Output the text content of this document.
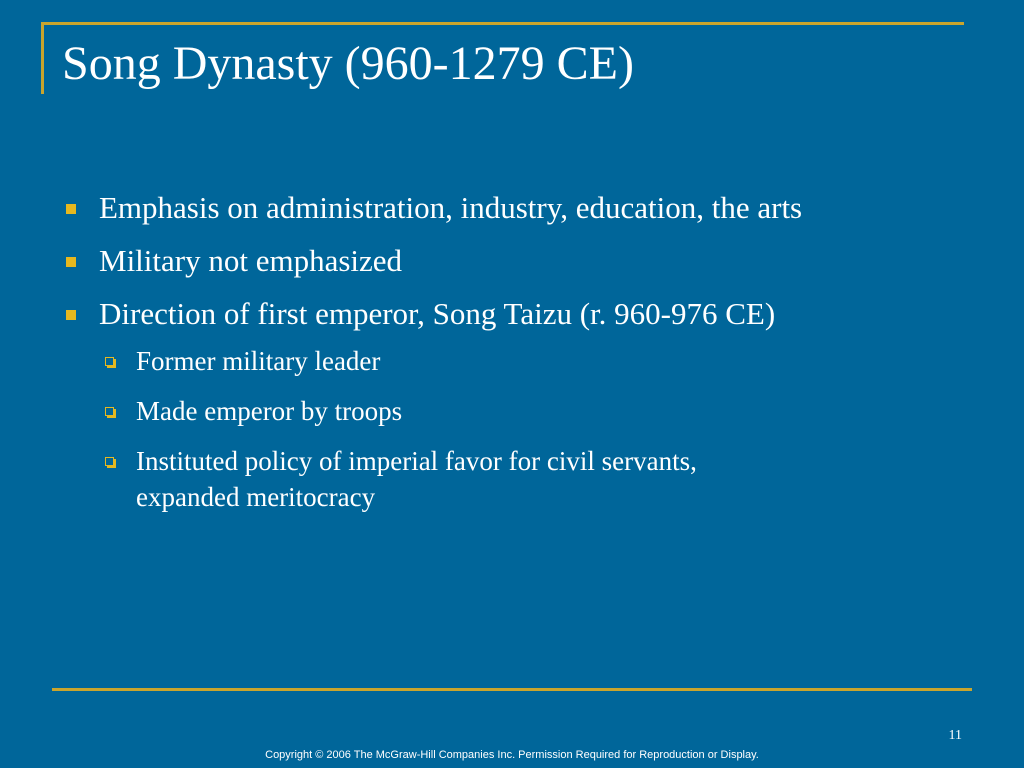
Song Dynasty (960-1279 CE)
Emphasis on administration, industry, education, the arts
Military not emphasized
Direction of first emperor, Song Taizu (r. 960-976 CE)
Former military leader
Made emperor by troops
Instituted policy of imperial favor for civil servants,
expanded meritocracy
11
Copyright © 2006 The McGraw-Hill Companies Inc. Permission Required for Reproduction or Display.
